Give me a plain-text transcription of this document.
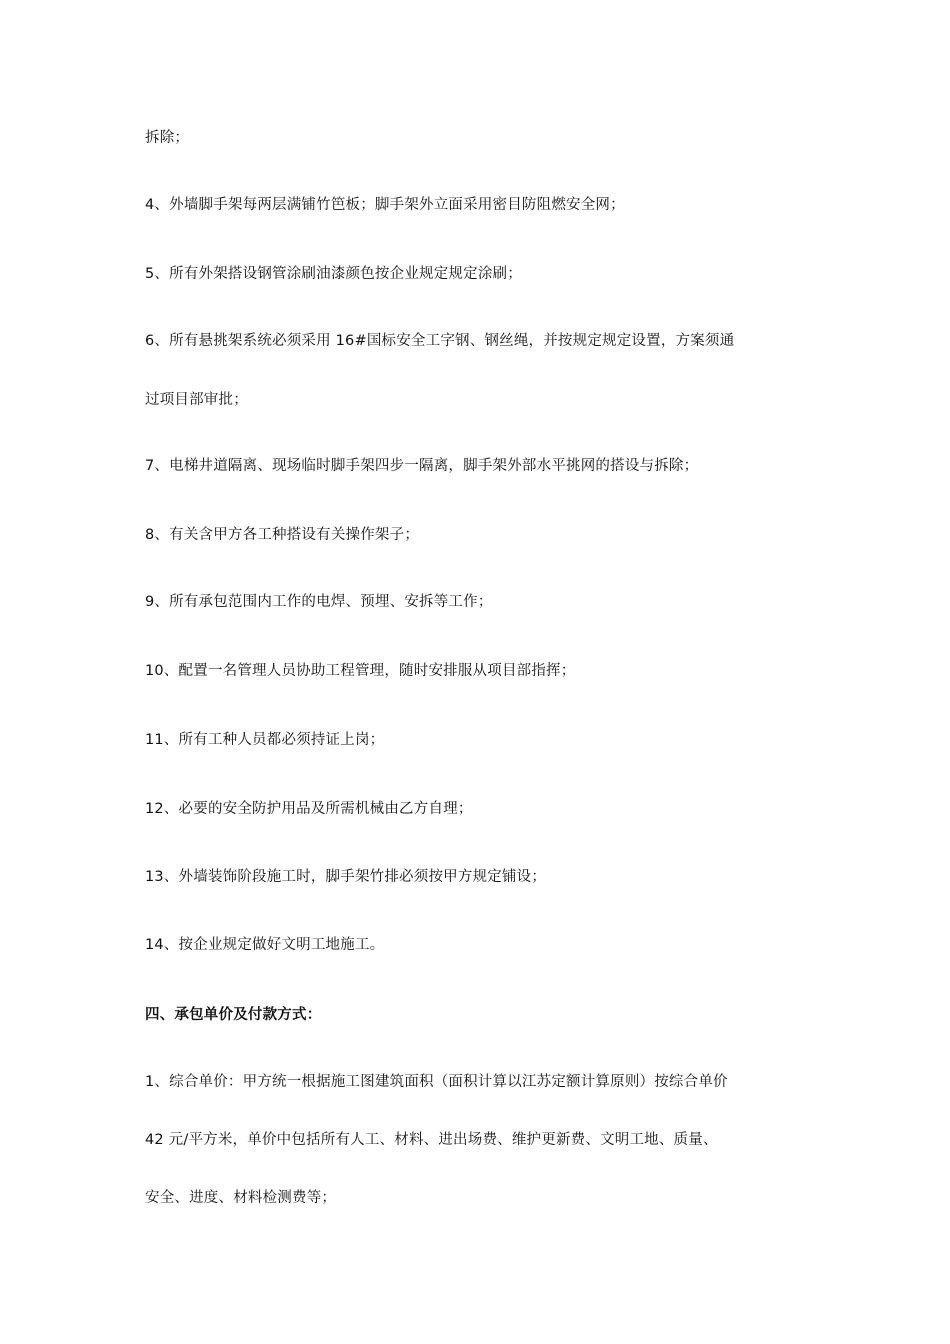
拆除；
4、外墙脚手架每两层满铺竹笆板；脚手架外立面采用密目防阻燃安全网；
5、所有外架搭设钢管涂刷油漆颜色按企业规定规定涂刷；
6、所有悬挑架系统必须采用 16#国标安全工字钢、钢丝绳，并按规定规定设置，方案须通
过项目部审批；
7、电梯井道隔离、现场临时脚手架四步一隔离，脚手架外部水平挑网的搭设与拆除；
8、有关含甲方各工种搭设有关操作架子；
9、所有承包范围内工作的电焊、预埋、安拆等工作；
10、配置一名管理人员协助工程管理，随时安排服从项目部指挥；
11、所有工种人员都必须持证上岗；
12、必要的安全防护用品及所需机械由乙方自理；
13、外墙装饰阶段施工时，脚手架竹排必须按甲方规定铺设；
14、按企业规定做好文明工地施工。
四、承包单价及付款方式：
1、综合单价：甲方统一根据施工图建筑面积（面积计算以江苏定额计算原则）按综合单价
42 元/平方米，单价中包括所有人工、材料、进出场费、维护更新费、文明工地、质量、
安全、进度、材料检测费等；
